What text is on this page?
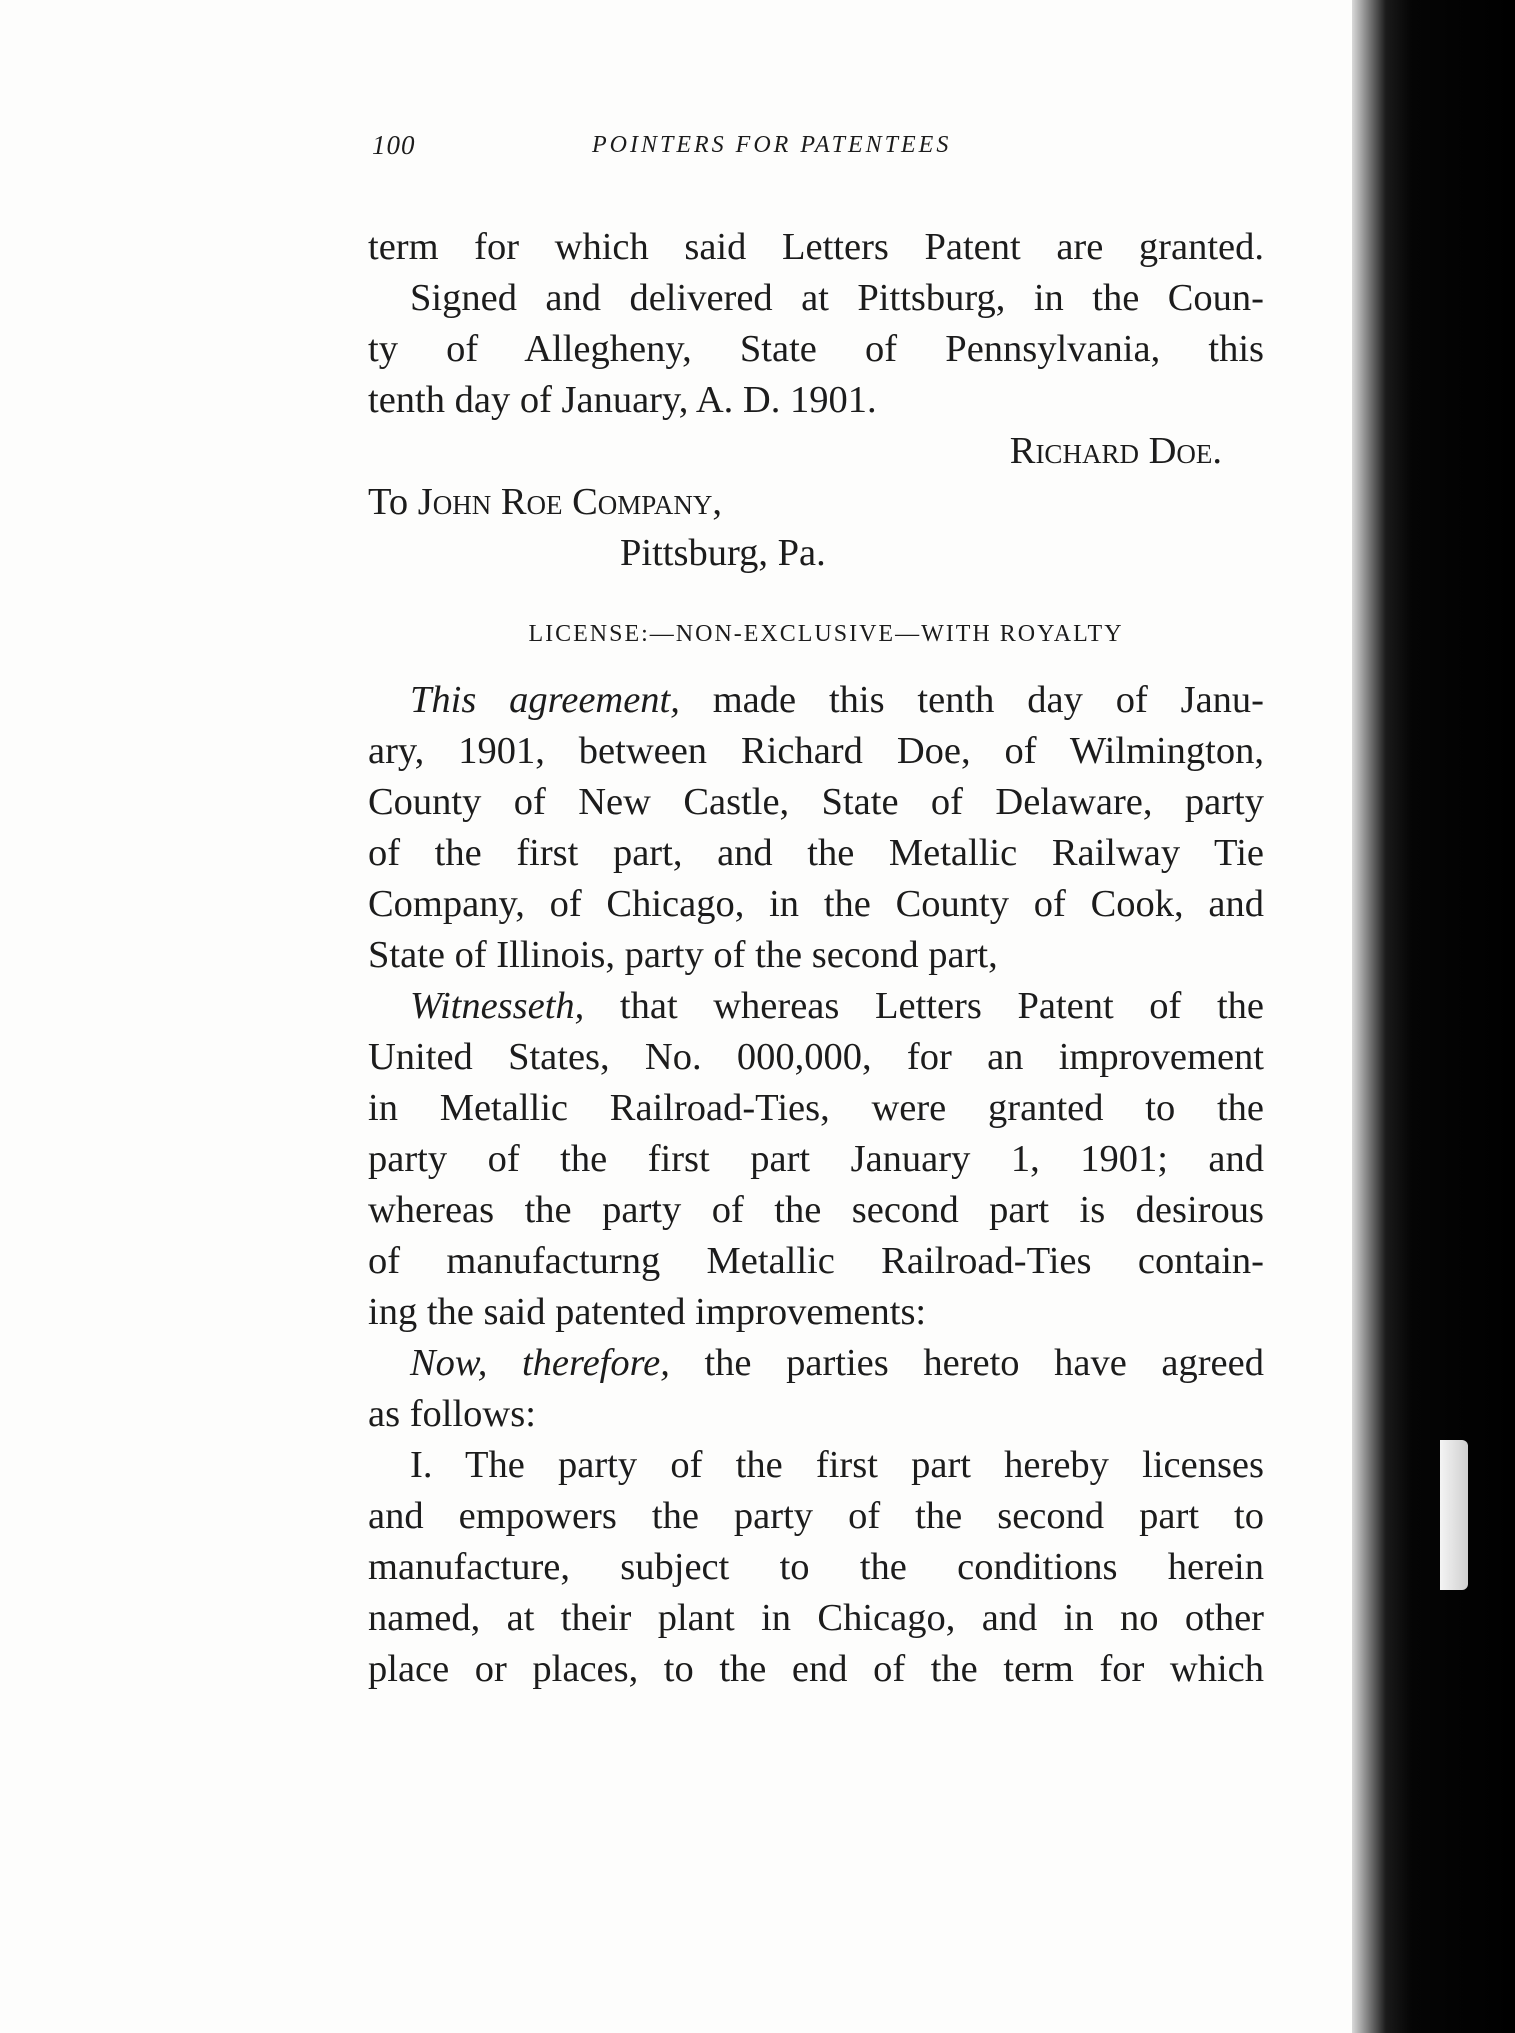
100	POINTERS FOR PATENTEES
term for which said Letters Patent are granted.
Signed and delivered at Pittsburg, in the Coun-
ty of Allegheny, State of Pennsylvania, this
tenth day of January, A. D. 1901.
Richard Doe.
To John Roe Company,
Pittsburg, Pa.
LICENSE:—NON-EXCLUSIVE—WITH ROYALTY
This agreement, made this tenth day of Janu-
ary, 1901, between Richard Doe, of Wilmington,
County of New Castle, State of Delaware, party
of the first part, and the Metallic Railway Tie
Company, of Chicago, in the County of Cook, and
State of Illinois, party of the second part,
Witnesseth, that whereas Letters Patent of the
United States, No. 000,000, for an improvement
in Metallic Railroad-Ties, were granted to the
party of the first part January 1, 1901; and
whereas the party of the second part is desirous
of manufacturng Metallic Railroad-Ties contain-
ing the said patented improvements:
Now, therefore, the parties hereto have agreed
as follows:
I. The party of the first part hereby licenses
and empowers the party of the second part to
manufacture, subject to the conditions herein
named, at their plant in Chicago, and in no other
place or places, to the end of the term for which
